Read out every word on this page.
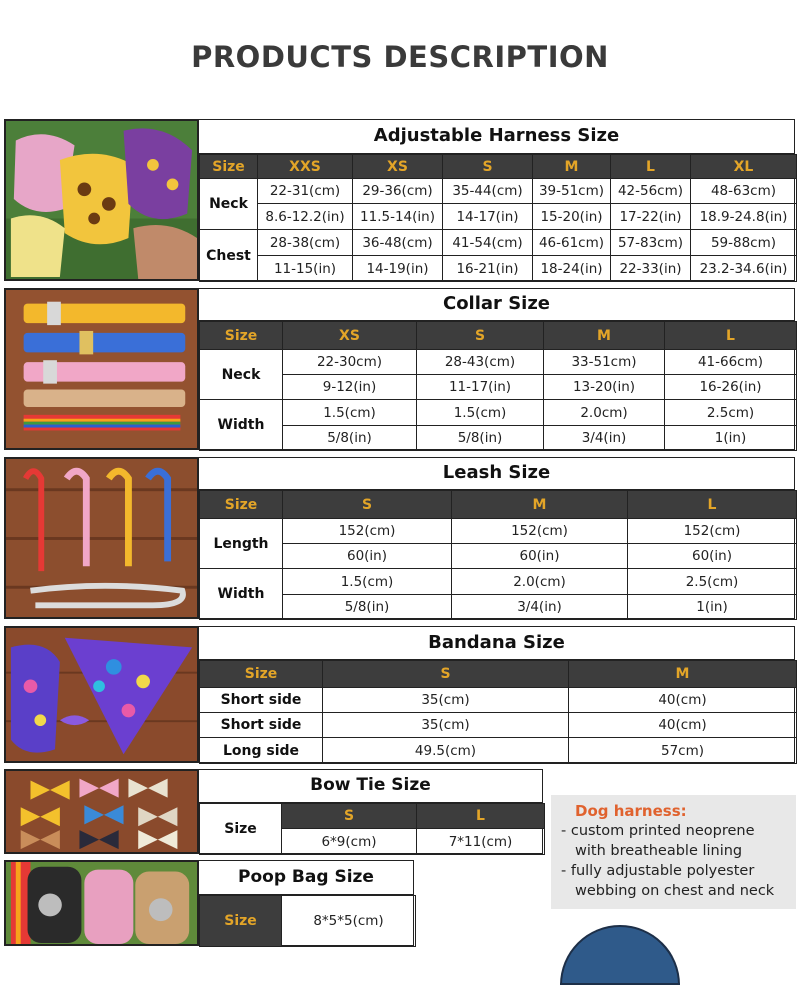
PRODUCTS DESCRIPTION
Adjustable Harness Size
Size	XXS	XS	S	M	L	XL
Neck	22-31(cm)	29-36(cm)	35-44(cm)	39-51cm)	42-56cm)	48-63cm)
	8.6-12.2(in)	11.5-14(in)	14-17(in)	15-20(in)	17-22(in)	18.9-24.8(in)
Chest	28-38(cm)	36-48(cm)	41-54(cm)	46-61cm)	57-83cm)	59-88cm)
	11-15(in)	14-19(in)	16-21(in)	18-24(in)	22-33(in)	23.2-34.6(in)
Collar Size
Size	XS	S	M	L
Neck	22-30cm)	28-43(cm)	33-51cm)	41-66cm)
	9-12(in)	11-17(in)	13-20(in)	16-26(in)
Width	1.5(cm)	1.5(cm)	2.0cm)	2.5cm)
	5/8(in)	5/8(in)	3/4(in)	1(in)
Leash Size
Size	S	M	L
Length	152(cm)	152(cm)	152(cm)
	60(in)	60(in)	60(in)
Width	1.5(cm)	2.0(cm)	2.5(cm)
	5/8(in)	3/4(in)	1(in)
Bandana Size
Size	S	M
Short side	35(cm)	40(cm)
Short side	35(cm)	40(cm)
Long side	49.5(cm)	57cm)
Bow Tie Size
Size	S	L
	6*9(cm)	7*11(cm)
Poop Bag Size
Size	8*5*5(cm)
Dog harness:
- custom printed neoprene
with breatheable lining
- fully adjustable polyester
webbing on chest and neck
